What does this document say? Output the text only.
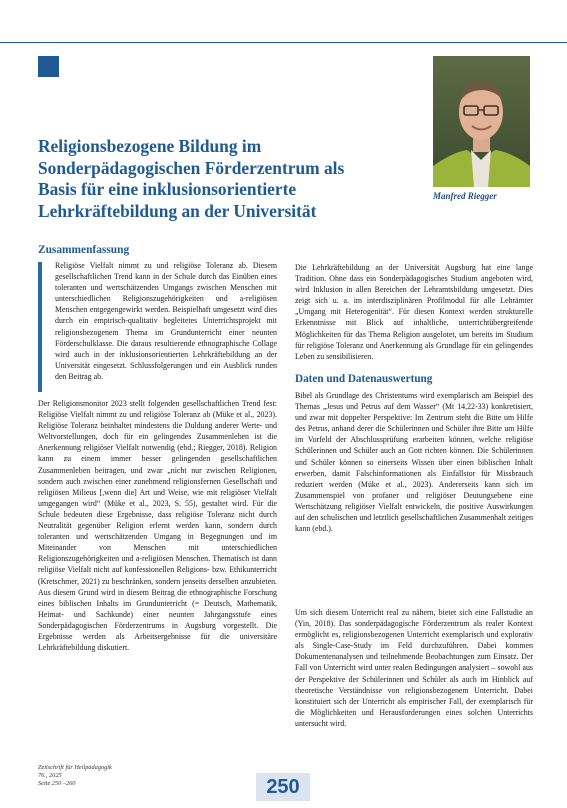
Manfred Riegger
Religionsbezogene Bildung im
Sonderpädagogischen Förderzentrum als
Basis für eine inklusionsorientierte
Lehrkräftebildung an der Universität
Zusammenfassung

Religiöse Vielfalt nimmt zu und religiöse Toleranz ab. Diesem gesellschaftlichen Trend kann in der Schule durch das Einüben eines toleranten und wertschätzenden Umgangs zwischen Menschen mit unterschiedlichen Religionszugehörigkeiten und a-religiösen Menschen entgegengewirkt werden. Beispielhaft umgesetzt wird dies durch ein empirisch-qualitativ begleitetes Unterrichtsprojekt mit religionsbezogenem Thema im Grundunterricht einer neunten Förderschulklasse. Die daraus resultierende ethnographische Collage wird auch in der inklusionsorientierten Lehrkräftebildung an der Universität eingesetzt. Schlussfolgerungen und ein Ausblick runden den Beitrag ab.

Der Religionsmonitor 2023 stellt folgenden gesellschaftlichen Trend fest: Religiöse Vielfalt nimmt zu und religiöse Toleranz ab (Müke et al., 2023). Religiöse Toleranz beinhaltet mindestens die Duldung anderer Werte- und Weltvorstellungen, doch für ein gelingendes Zusammenleben ist die Anerkennung religiöser Vielfalt notwendig (ebd.; Riegger, 2018). Religion kann zu einem immer besser gelingenden gesellschaftlichen Zusammenleben beitragen, und zwar „nicht nur zwischen Religionen, sondern auch zwischen einer zunehmend religionsfernen Gesellschaft und religiösen Milieus [,wenn die] Art und Weise, wie mit religiöser Vielfalt umgegangen wird“ (Müke et al., 2023, S. 55), gestaltet wird. Für die Schule bedeuten diese Ergebnisse, dass religiöse Toleranz nicht durch Neutralität gegenüber Religion erlernt werden kann, sondern durch toleranten und wertschätzenden Umgang in Begegnungen und im Miteinander von Menschen mit unterschiedlichen Religionszugehörigkeiten und a-religiösen Menschen. Thematisch ist dann religiöse Vielfalt nicht auf konfessionellen Religions- bzw. Ethikunterricht (Kretschmer, 2021) zu beschränken, sondern jenseits derselben anzubieten. Aus diesem Grund wird in diesem Beitrag die ethnographische Forschung eines biblischen Inhalts im Grundunterricht (= Deutsch, Mathematik, Heimat- und Sachkunde) einer neunten Jahrgangsstufe eines Sonderpädagogischen Förderzentrums in Augsburg vorgestellt. Die Ergebnisse werden als Arbeitsergebnisse für die universitäre Lehrkräftebildung diskutiert.

Die Lehrkräftebildung an der Universität Augsburg hat eine lange Tradition. Ohne dass ein Sonderpädagogisches Studium angeboten wird, wird Inklusion in allen Bereichen der Lehramtsbildung umgesetzt. Dies zeigt sich u. a. im interdisziplinären Profilmodul für alle Lehrämter „Umgang mit Heterogenität“. Für diesen Kontext werden strukturelle Erkenntnisse mit Blick auf inhaltliche, unterrichtübergreifende Möglichkeiten für das Thema Religion ausgelotet, um bereits im Studium für religiöse Toleranz und Anerkennung als Grundlage für ein gelingendes Leben zu sensibilisieren.

Daten und Datenauswertung

Bibel als Grundlage des Christentums wird exemplarisch am Beispiel des Themas „Jesus und Petrus auf dem Wasser“ (Mt 14,22-33) konkretisiert, und zwar mit doppelter Perspektive: Im Zentrum steht die Bitte um Hilfe des Petrus, anhand derer die Schülerinnen und Schüler ihre Bitte um Hilfe im Vorfeld der Abschlussprüfung erarbeiten können, welche religiöse Schülerinnen und Schüler auch an Gott richten können. Die Schülerinnen und Schüler können so einerseits Wissen über einen biblischen Inhalt erwerben, damit Falschinformationen als Einfallstor für Missbrauch reduziert werden (Müke et al., 2023). Andererseits kann sich im Zusammenspiel von profaner und religiöser Deutungsebene eine Wertschätzung religiöser Vielfalt entwickeln, die positive Auswirkungen auf den schulischen und letztlich gesellschaftlichen Zusammenhalt zeitigen kann (ebd.).

Um sich diesem Unterricht real zu nähern, bietet sich eine Fallstudie an (Yin, 2018). Das sonderpädagogische Förderzentrum als realer Kontext ermöglicht es, religionsbezogenen Unterricht exemplarisch und explorativ als Single-Case-Study im Feld durchzuführen. Dabei kommen Dokumentenanalysen und teilnehmende Beobachtungen zum Einsatz. Der Fall von Unterricht wird unter realen Bedingungen analysiert – sowohl aus der Perspektive der Schülerinnen und Schüler als auch im Hinblick auf theoretische Verständnisse von religionsbezogenem Unterricht. Dabei konstituiert sich der Unterricht als empirischer Fall, der exemplarisch für die Möglichkeiten und Herausforderungen eines solchen Unterrichts untersucht wird.

Zeitschrift für Heilpädagogik
76., 2025
Seite 250 –260	250
